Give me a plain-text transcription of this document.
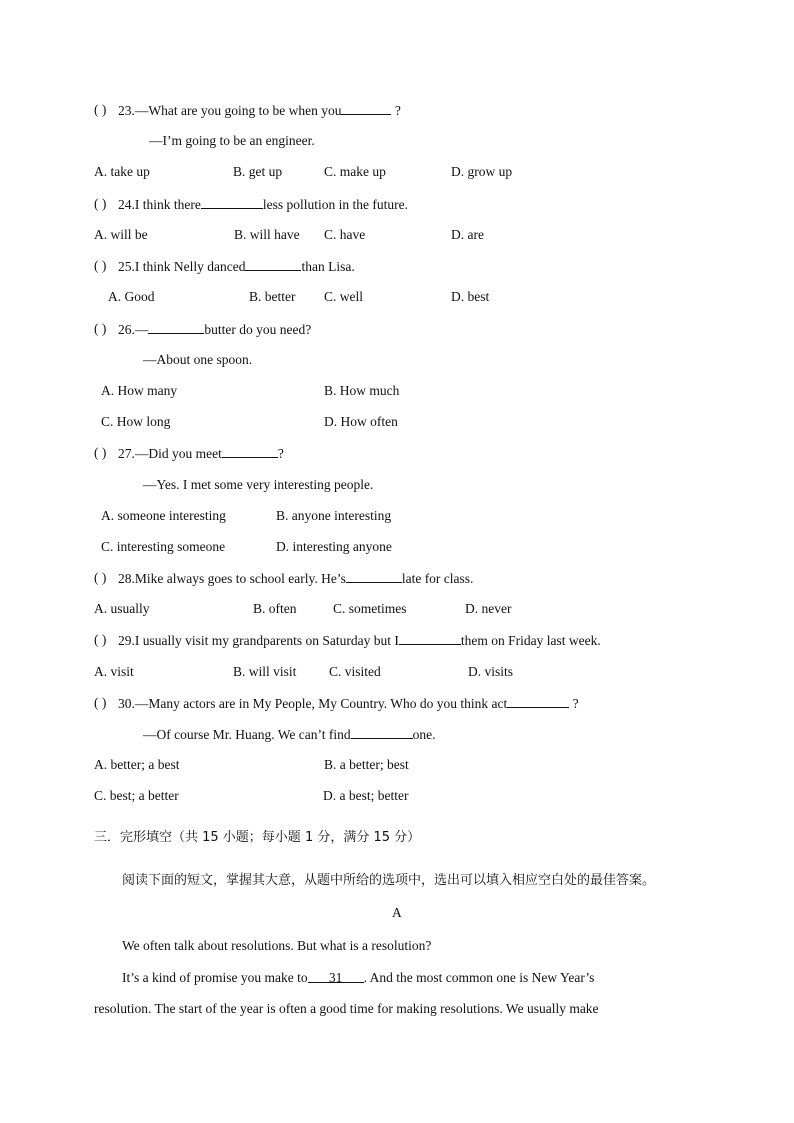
( ) 23.—What are you going to be when you	?
—I’m going to be an engineer.
A. take up	B. get up	C. make up	D. grow up
( ) 24.I think there	less pollution in the future.
A. will be	B. will have C. have	D. are
( ) 25.I think Nelly danced	than Lisa.
A. Good	B. better C. well	D. best
( ) 26.—	butter do you need?
—About one spoon.
A. How many	B. How much
C. How long	D. How often
( ) 27.—Did you meet	?
—Yes. I met some very interesting people.
A. someone interesting	B. anyone interesting
C. interesting someone	D. interesting anyone
( ) 28.Mike always goes to school early. He’s	late for class.
A. usually	B. often	C. sometimes	D. never
( ) 29.I usually visit my grandparents on Saturday but I	them on Friday last week.
A. visit	B. will visit C. visited	D. visits
( ) 30.—Many actors are in My People, My Country. Who do you think act	?
—Of course Mr. Huang. We can’t find	one.
A. better; a best	B. a better; best
C. best; a better	D. a best; better
三．完形填空（共 15 小题；每小题 1 分，满分 15 分）
阅读下面的短文，掌握其大意，从题中所给的选项中，选出可以填入相应空白处的最佳答案。
A
We often talk about resolutions. But what is a resolution?
It’s a kind of promise you make to 31 . And the most common one is New Year’s
resolution. The start of the year is often a good time for making resolutions. We usually make
